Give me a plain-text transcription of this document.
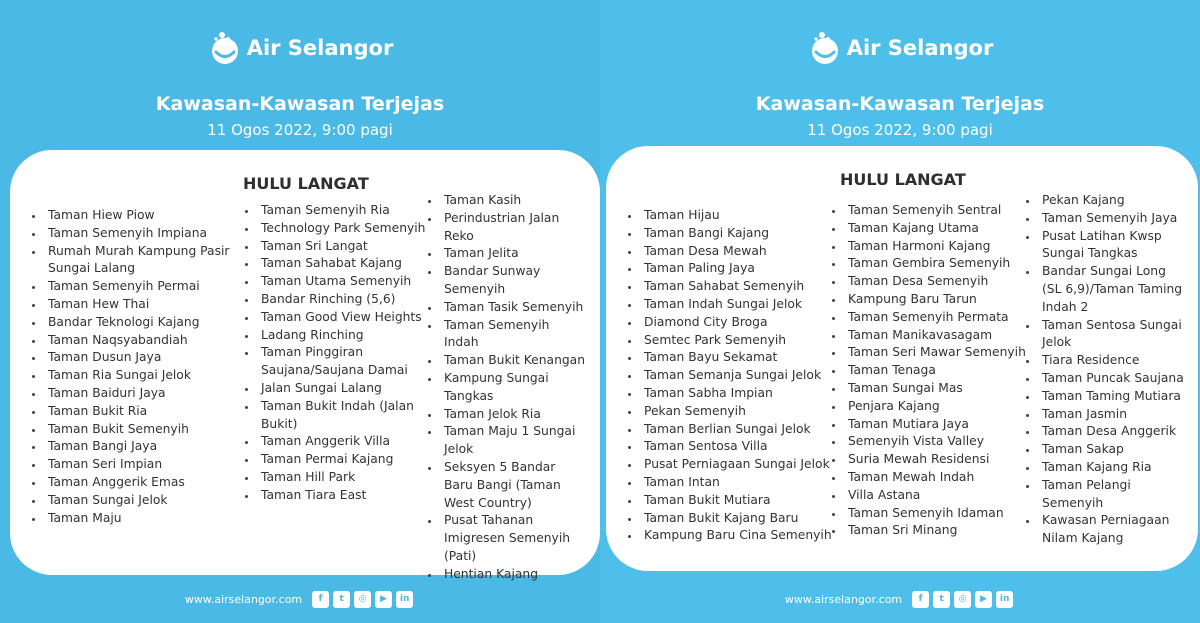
Air Selangor
Kawasan-Kawasan Terjejas
11 Ogos 2022, 9:00 pagi
www.airselangor.com f t ◎ ▶ in
Air Selangor
Kawasan-Kawasan Terjejas
11 Ogos 2022, 9:00 pagi
www.airselangor.com f t ◎ ▶ in
HULU LANGAT
• Taman Hiew Piow
• Taman Semenyih Impiana
• Rumah Murah Kampung Pasir Sungai Lalang
• Taman Semenyih Permai
• Taman Hew Thai
• Bandar Teknologi Kajang
• Taman Naqsyabandiah
• Taman Dusun Jaya
• Taman Ria Sungai Jelok
• Taman Baiduri Jaya
• Taman Bukit Ria
• Taman Bukit Semenyih
• Taman Bangi Jaya
• Taman Seri Impian
• Taman Anggerik Emas
• Taman Sungai Jelok
• Taman Maju
• Taman Semenyih Ria
• Technology Park Semenyih
• Taman Sri Langat
• Taman Sahabat Kajang
• Taman Utama Semenyih
• Bandar Rinching (5,6)
• Taman Good View Heights
• Ladang Rinching
• Taman Pinggiran Saujana/Saujana Damai
• Jalan Sungai Lalang
• Taman Bukit Indah (Jalan Bukit)
• Taman Anggerik Villa
• Taman Permai Kajang
• Taman Hill Park
• Taman Tiara East
• Taman Kasih
• Perindustrian Jalan Reko
• Taman Jelita
• Bandar Sunway Semenyih
• Taman Tasik Semenyih
• Taman Semenyih Indah
• Taman Bukit Kenangan
• Kampung Sungai Tangkas
• Taman Jelok Ria
• Taman Maju 1 Sungai Jelok
• Seksyen 5 Bandar Baru Bangi (Taman West Country)
• Pusat Tahanan Imigresen Semenyih (Pati)
• Hentian Kajang
HULU LANGAT
• Taman Hijau
• Taman Bangi Kajang
• Taman Desa Mewah
• Taman Paling Jaya
• Taman Sahabat Semenyih
• Taman Indah Sungai Jelok
• Diamond City Broga
• Semtec Park Semenyih
• Taman Bayu Sekamat
• Taman Semanja Sungai Jelok
• Taman Sabha Impian
• Pekan Semenyih
• Taman Berlian Sungai Jelok
• Taman Sentosa Villa
• Pusat Perniagaan Sungai Jelok
• Taman Intan
• Taman Bukit Mutiara
• Taman Bukit Kajang Baru
• Kampung Baru Cina Semenyih
• Taman Semenyih Sentral
• Taman Kajang Utama
• Taman Harmoni Kajang
• Taman Gembira Semenyih
• Taman Desa Semenyih
• Kampung Baru Tarun
• Taman Semenyih Permata
• Taman Manikavasagam
• Taman Seri Mawar Semenyih
• Taman Tenaga
• Taman Sungai Mas
• Penjara Kajang
• Taman Mutiara Jaya
• Semenyih Vista Valley
• Suria Mewah Residensi
• Taman Mewah Indah
• Villa Astana
• Taman Semenyih Idaman
• Taman Sri Minang
• Pekan Kajang
• Taman Semenyih Jaya
• Pusat Latihan Kwsp Sungai Tangkas
• Bandar Sungai Long (SL 6,9)/Taman Taming Indah 2
• Taman Sentosa Sungai Jelok
• Tiara Residence
• Taman Puncak Saujana
• Taman Taming Mutiara
• Taman Jasmin
• Taman Desa Anggerik
• Taman Sakap
• Taman Kajang Ria
• Taman Pelangi Semenyih
• Kawasan Perniagaan Nilam Kajang
